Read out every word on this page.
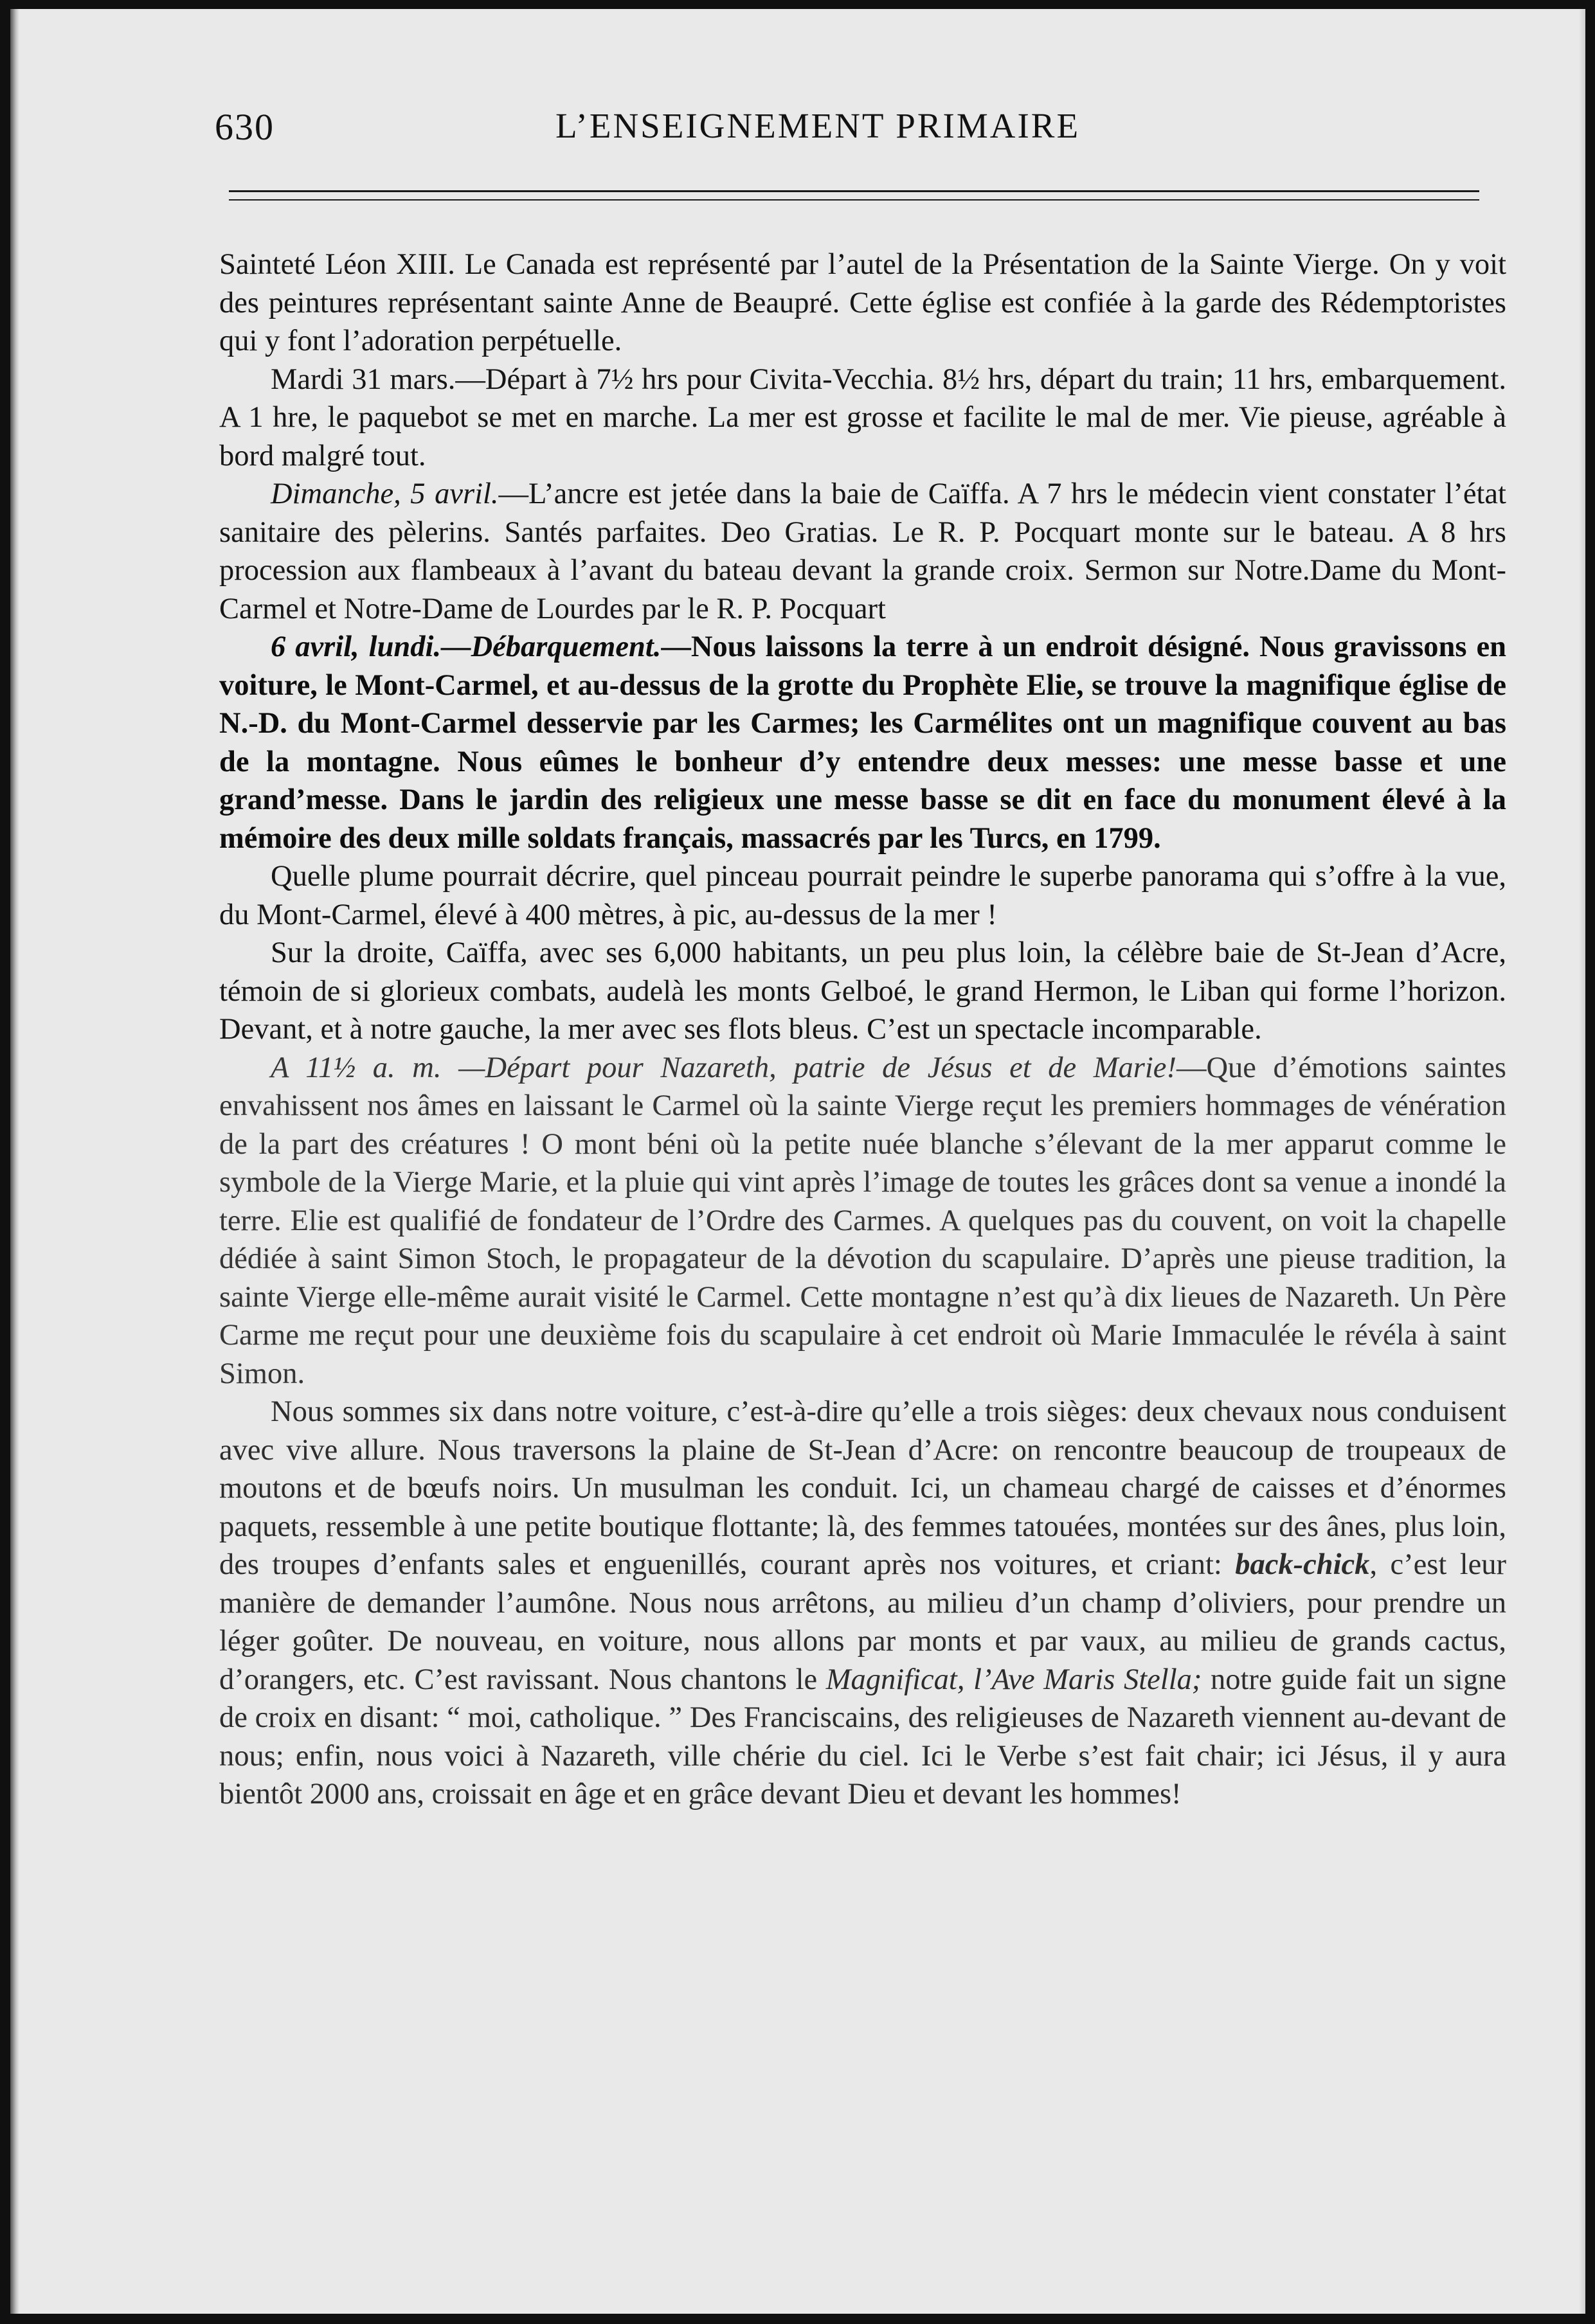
630	L’ENSEIGNEMENT PRIMAIRE

Sainteté Léon XIII. Le Canada est représenté par l’autel de la Présentation de la Sainte Vierge. On y voit des peintures représentant sainte Anne de Beaupré. Cette église est confiée à la garde des Rédemptoristes qui y font l’adoration perpétuelle.

Mardi 31 mars.—Départ à 7½ hrs pour Civita-Vecchia. 8½ hrs, départ du train; 11 hrs, embarquement. A 1 hre, le paquebot se met en marche. La mer est grosse et facilite le mal de mer. Vie pieuse, agréable à bord malgré tout.

Dimanche, 5 avril.—L’ancre est jetée dans la baie de Caïffa. A 7 hrs le médecin vient constater l’état sanitaire des pèlerins. Santés parfaites. Deo Gratias. Le R. P. Pocquart monte sur le bateau. A 8 hrs procession aux flambeaux à l’avant du bateau devant la grande croix. Sermon sur Notre.Dame du Mont-Carmel et Notre-Dame de Lourdes par le R. P. Pocquart

6 avril, lundi.—Débarquement.—Nous laissons la terre à un endroit désigné. Nous gravissons en voiture, le Mont-Carmel, et au-dessus de la grotte du Prophète Elie, se trouve la magnifique église de N.-D. du Mont-Carmel desservie par les Carmes; les Carmélites ont un magnifique couvent au bas de la montagne. Nous eûmes le bonheur d’y entendre deux messes: une messe basse et une grand’messe. Dans le jardin des religieux une messe basse se dit en face du monument élevé à la mémoire des deux mille soldats français, massacrés par les Turcs, en 1799.

Quelle plume pourrait décrire, quel pinceau pourrait peindre le superbe panorama qui s’offre à la vue, du Mont-Carmel, élevé à 400 mètres, à pic, au-dessus de la mer !

Sur la droite, Caïffa, avec ses 6,000 habitants, un peu plus loin, la célèbre baie de St-Jean d’Acre, témoin de si glorieux combats, audelà les monts Gelboé, le grand Hermon, le Liban qui forme l’horizon. Devant, et à notre gauche, la mer avec ses flots bleus. C’est un spectacle incomparable.

A 11½ a. m. —Départ pour Nazareth, patrie de Jésus et de Marie!—Que d’émotions saintes envahissent nos âmes en laissant le Carmel où la sainte Vierge reçut les premiers hommages de vénération de la part des créatures ! O mont béni où la petite nuée blanche s’élevant de la mer apparut comme le symbole de la Vierge Marie, et la pluie qui vint après l’image de toutes les grâces dont sa venue a inondé la terre. Elie est qualifié de fondateur de l’Ordre des Carmes. A quelques pas du couvent, on voit la chapelle dédiée à saint Simon Stoch, le propagateur de la dévotion du scapulaire. D’après une pieuse tradition, la sainte Vierge elle-même aurait visité le Carmel. Cette montagne n’est qu’à dix lieues de Nazareth. Un Père Carme me reçut pour une deuxième fois du scapulaire à cet endroit où Marie Immaculée le révéla à saint Simon.

Nous sommes six dans notre voiture, c’est-à-dire qu’elle a trois sièges: deux chevaux nous conduisent avec vive allure. Nous traversons la plaine de St-Jean d’Acre: on rencontre beaucoup de troupeaux de moutons et de bœufs noirs. Un musulman les conduit. Ici, un chameau chargé de caisses et d’énormes paquets, ressemble à une petite boutique flottante; là, des femmes tatouées, montées sur des ânes, plus loin, des troupes d’enfants sales et enguenillés, courant après nos voitures, et criant: back-chick, c’est leur manière de demander l’aumône. Nous nous arrêtons, au milieu d’un champ d’oliviers, pour prendre un léger goûter. De nouveau, en voiture, nous allons par monts et par vaux, au milieu de grands cactus, d’orangers, etc. C’est ravissant. Nous chantons le Magnificat, l’Ave Maris Stella; notre guide fait un signe de croix en disant: “ moi, catholique. ” Des Franciscains, des religieuses de Nazareth viennent au-devant de nous; enfin, nous voici à Nazareth, ville chérie du ciel. Ici le Verbe s’est fait chair; ici Jésus, il y aura bientôt 2000 ans, croissait en âge et en grâce devant Dieu et devant les hommes!
